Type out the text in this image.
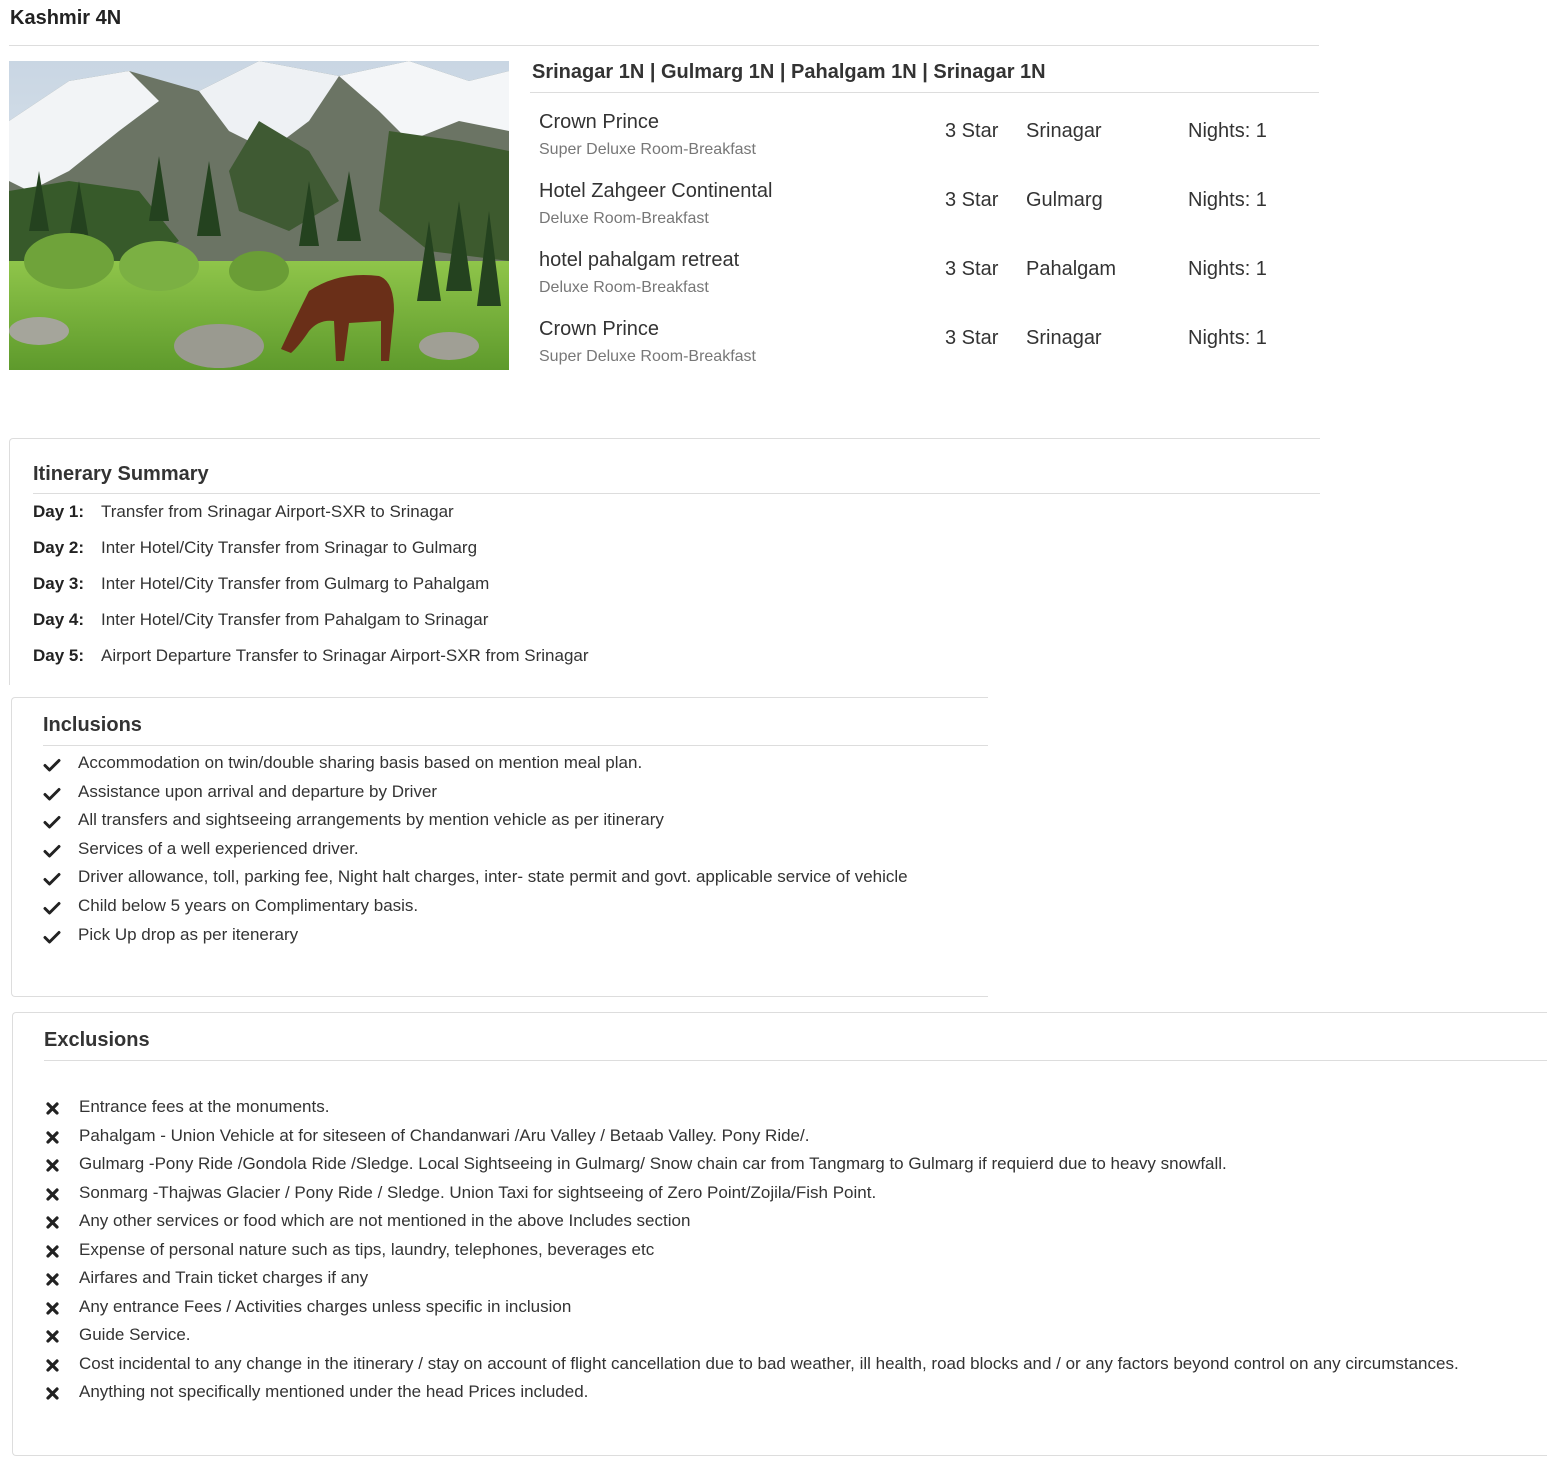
Kashmir 4N
Srinagar 1N | Gulmarg 1N | Pahalgam 1N | Srinagar 1N
Crown Prince
Super Deluxe Room-Breakfast
3 Star Srinagar	Nights: 1
Hotel Zahgeer Continental
Deluxe Room-Breakfast
3 Star Gulmarg	Nights: 1
hotel pahalgam retreat
Deluxe Room-Breakfast
3 Star Pahalgam	Nights: 1
Crown Prince
Super Deluxe Room-Breakfast
3 Star Srinagar	Nights: 1
Itinerary Summary
Day 1: Transfer from Srinagar Airport-SXR to Srinagar
Day 2: Inter Hotel/City Transfer from Srinagar to Gulmarg
Day 3: Inter Hotel/City Transfer from Gulmarg to Pahalgam
Day 4: Inter Hotel/City Transfer from Pahalgam to Srinagar
Day 5: Airport Departure Transfer to Srinagar Airport-SXR from Srinagar
Inclusions
Accommodation on twin/double sharing basis based on mention meal plan.
Assistance upon arrival and departure by Driver
All transfers and sightseeing arrangements by mention vehicle as per itinerary
Services of a well experienced driver.
Driver allowance, toll, parking fee, Night halt charges, inter- state permit and govt. applicable service of vehicle
Child below 5 years on Complimentary basis.
Pick Up drop as per itenerary
Exclusions
Entrance fees at the monuments.
Pahalgam - Union Vehicle at for siteseen of Chandanwari /Aru Valley / Betaab Valley. Pony Ride/.
Gulmarg -Pony Ride /Gondola Ride /Sledge. Local Sightseeing in Gulmarg/ Snow chain car from Tangmarg to Gulmarg if requierd due to heavy snowfall.
Sonmarg -Thajwas Glacier / Pony Ride / Sledge. Union Taxi for sightseeing of Zero Point/Zojila/Fish Point.
Any other services or food which are not mentioned in the above Includes section
Expense of personal nature such as tips, laundry, telephones, beverages etc
Airfares and Train ticket charges if any
Any entrance Fees / Activities charges unless specific in inclusion
Guide Service.
Cost incidental to any change in the itinerary / stay on account of flight cancellation due to bad weather, ill health, road blocks and / or any factors beyond control on any circumstances.
Anything not specifically mentioned under the head Prices included.
